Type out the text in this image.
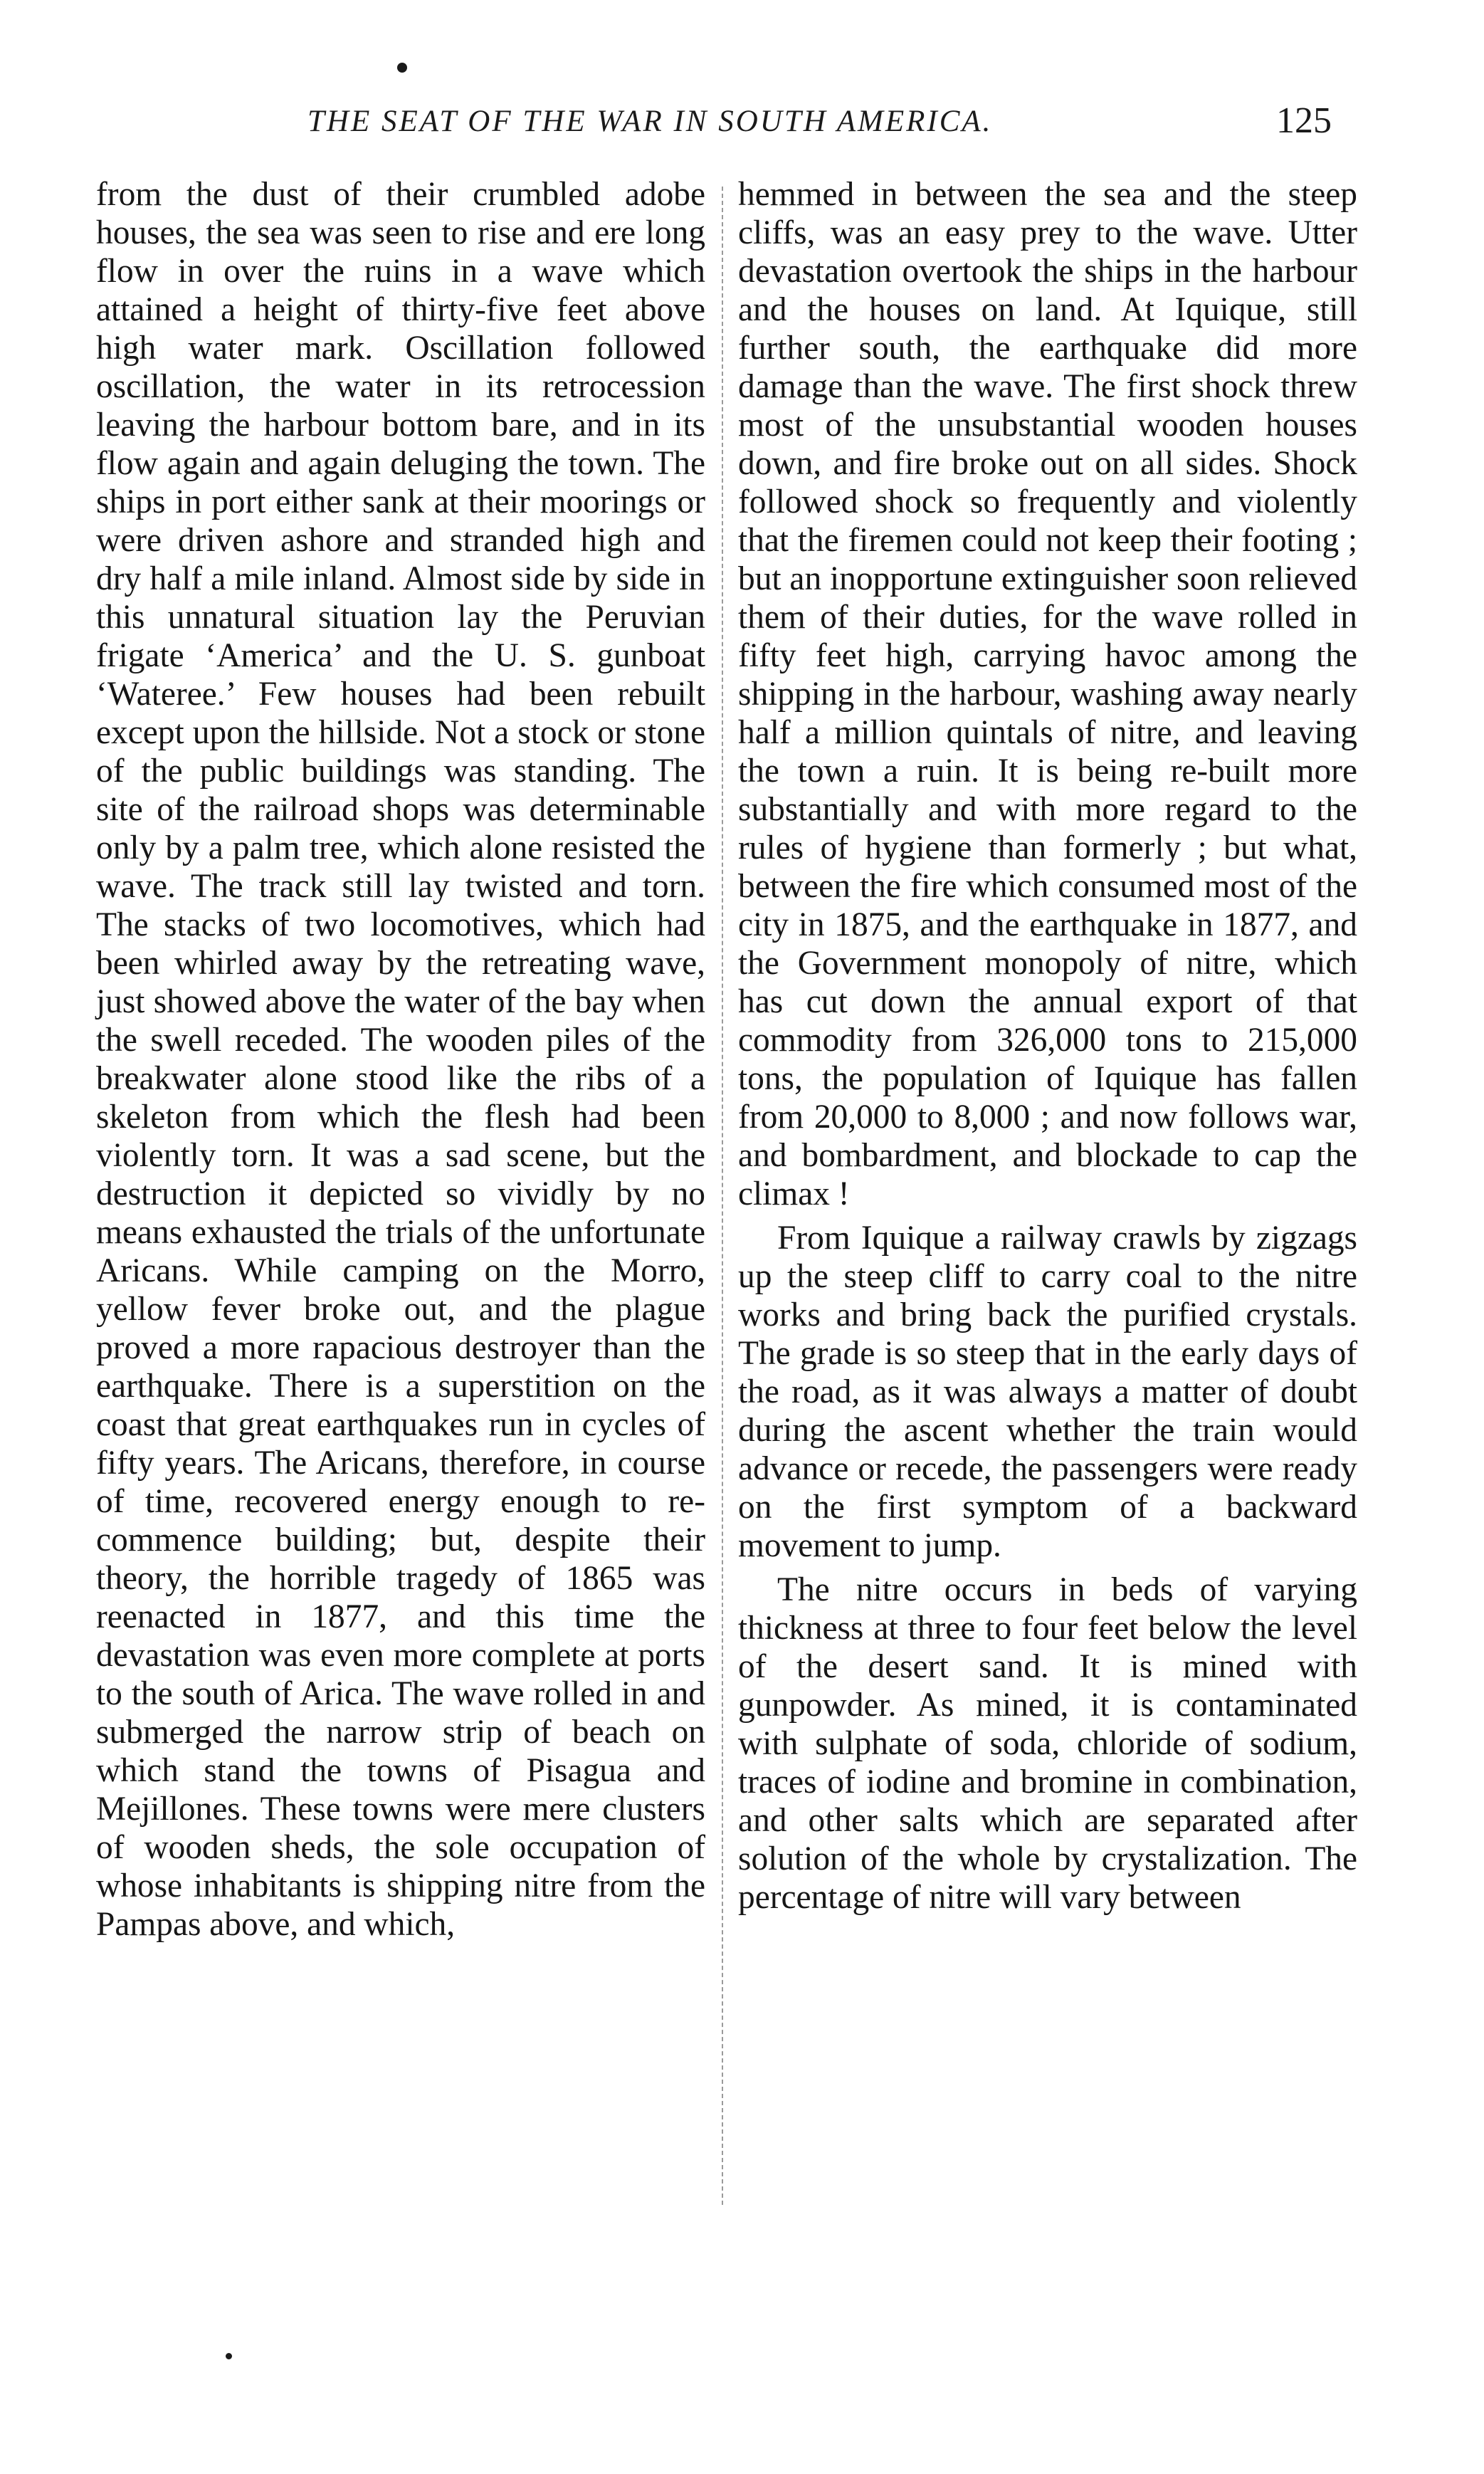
THE SEAT OF THE WAR IN SOUTH AMERICA.	125

from the dust of their crumbled adobe houses, the sea was seen to rise and ere long flow in over the ruins in a wave which attained a height of thirty-five feet above high water mark. Oscillation followed oscillation, the water in its retrocession leaving the harbour bottom bare, and in its flow again and again deluging the town. The ships in port either sank at their moorings or were driven ashore and stranded high and dry half a mile inland. Almost side by side in this unnatural situation lay the Peruvian frigate ‘America’ and the U. S. gunboat ‘Wateree.’ Few houses had been rebuilt except upon the hillside. Not a stock or stone of the public buildings was standing. The site of the railroad shops was determinable only by a palm tree, which alone resisted the wave. The track still lay twisted and torn. The stacks of two locomotives, which had been whirled away by the retreating wave, just showed above the water of the bay when the swell receded. The wooden piles of the breakwater alone stood like the ribs of a skeleton from which the flesh had been violently torn. It was a sad scene, but the destruction it depicted so vividly by no means exhausted the trials of the unfortunate Aricans. While camping on the Morro, yellow fever broke out, and the plague proved a more rapacious destroyer than the earthquake. There is a superstition on the coast that great earthquakes run in cycles of fifty years. The Aricans, therefore, in course of time, recovered energy enough to re-commence building; but, despite their theory, the horrible tragedy of 1865 was reenacted in 1877, and this time the devastation was even more complete at ports to the south of Arica. The wave rolled in and submerged the narrow strip of beach on which stand the towns of Pisagua and Mejillones. These towns were mere clusters of wooden sheds, the sole occupation of whose inhabitants is shipping nitre from the Pampas above, and which,

hemmed in between the sea and the steep cliffs, was an easy prey to the wave. Utter devastation overtook the ships in the harbour and the houses on land. At Iquique, still further south, the earthquake did more damage than the wave. The first shock threw most of the unsubstantial wooden houses down, and fire broke out on all sides. Shock followed shock so frequently and violently that the firemen could not keep their footing ; but an inopportune extinguisher soon relieved them of their duties, for the wave rolled in fifty feet high, carrying havoc among the shipping in the harbour, washing away nearly half a million quintals of nitre, and leaving the town a ruin. It is being re-built more substantially and with more regard to the rules of hygiene than formerly ; but what, between the fire which consumed most of the city in 1875, and the earthquake in 1877, and the Government monopoly of nitre, which has cut down the annual export of that commodity from 326,000 tons to 215,000 tons, the population of Iquique has fallen from 20,000 to 8,000 ; and now follows war, and bombardment, and blockade to cap the climax !

From Iquique a railway crawls by zigzags up the steep cliff to carry coal to the nitre works and bring back the purified crystals. The grade is so steep that in the early days of the road, as it was always a matter of doubt during the ascent whether the train would advance or recede, the passengers were ready on the first symptom of a backward movement to jump.

The nitre occurs in beds of varying thickness at three to four feet below the level of the desert sand. It is mined with gunpowder. As mined, it is contaminated with sulphate of soda, chloride of sodium, traces of iodine and bromine in combination, and other salts which are separated after solution of the whole by crystalization. The percentage of nitre will vary between
